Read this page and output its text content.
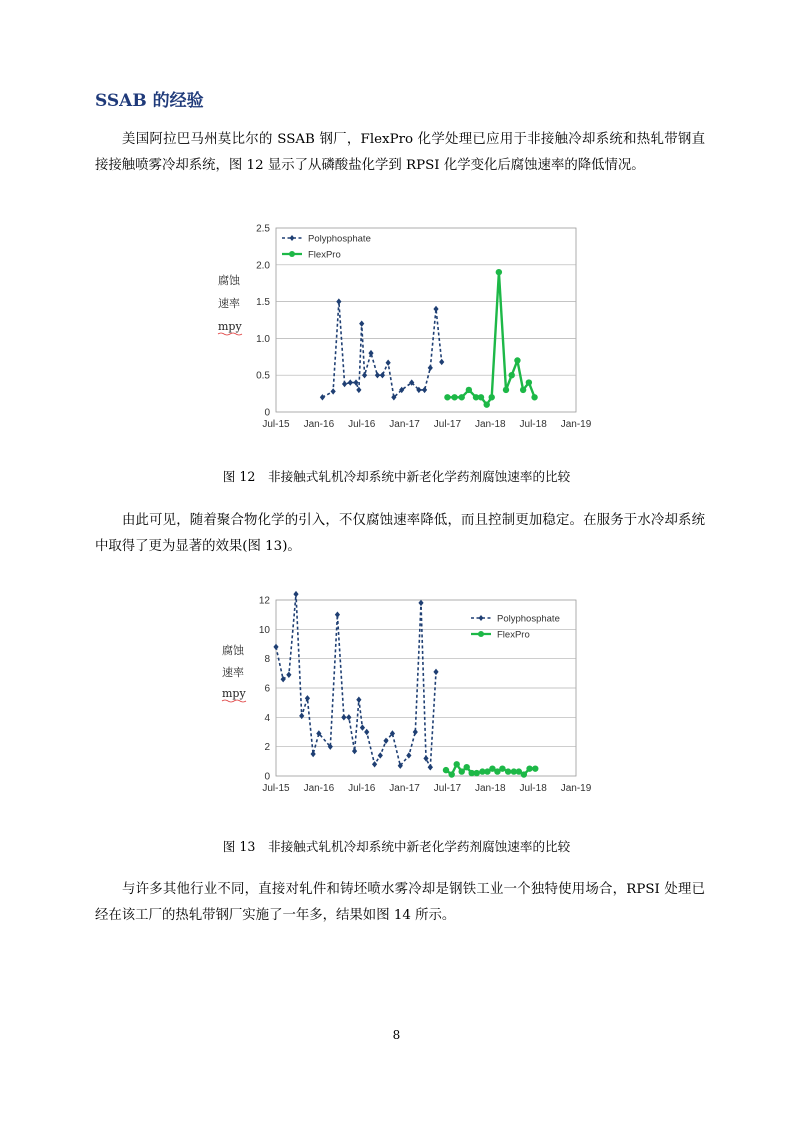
SSAB 的经验

美国阿拉巴马州莫比尔的 SSAB 钢厂，FlexPro 化学处理已应用于非接触冷却系统和热轧带钢直接接触喷雾冷却系统，图 12 显示了从磷酸盐化学到 RPSI 化学变化后腐蚀速率的降低情况。

0
0.5
1.0
1.5
2.0
2.5
Jul-15 Jan-16 Jul-16 Jan-17 Jul-17 Jan-18 Jul-18 Jan-19
腐蚀
速率
mpy
Polyphosphate
FlexPro
图 12　非接触式轧机冷却系统中新老化学药剂腐蚀速率的比较

由此可见，随着聚合物化学的引入，不仅腐蚀速率降低，而且控制更加稳定。在服务于水冷却系统中取得了更为显著的效果(图 13)。

0
2
4
6
8
10
12
Jul-15 Jan-16 Jul-16 Jan-17 Jul-17 Jan-18 Jul-18 Jan-19
腐蚀
速率
mpy
Polyphosphate
FlexPro
图 13　非接触式轧机冷却系统中新老化学药剂腐蚀速率的比较

与许多其他行业不同，直接对轧件和铸坯喷水雾冷却是钢铁工业一个独特使用场合，RPSI 处理已经在该工厂的热轧带钢厂实施了一年多，结果如图 14 所示。

8
